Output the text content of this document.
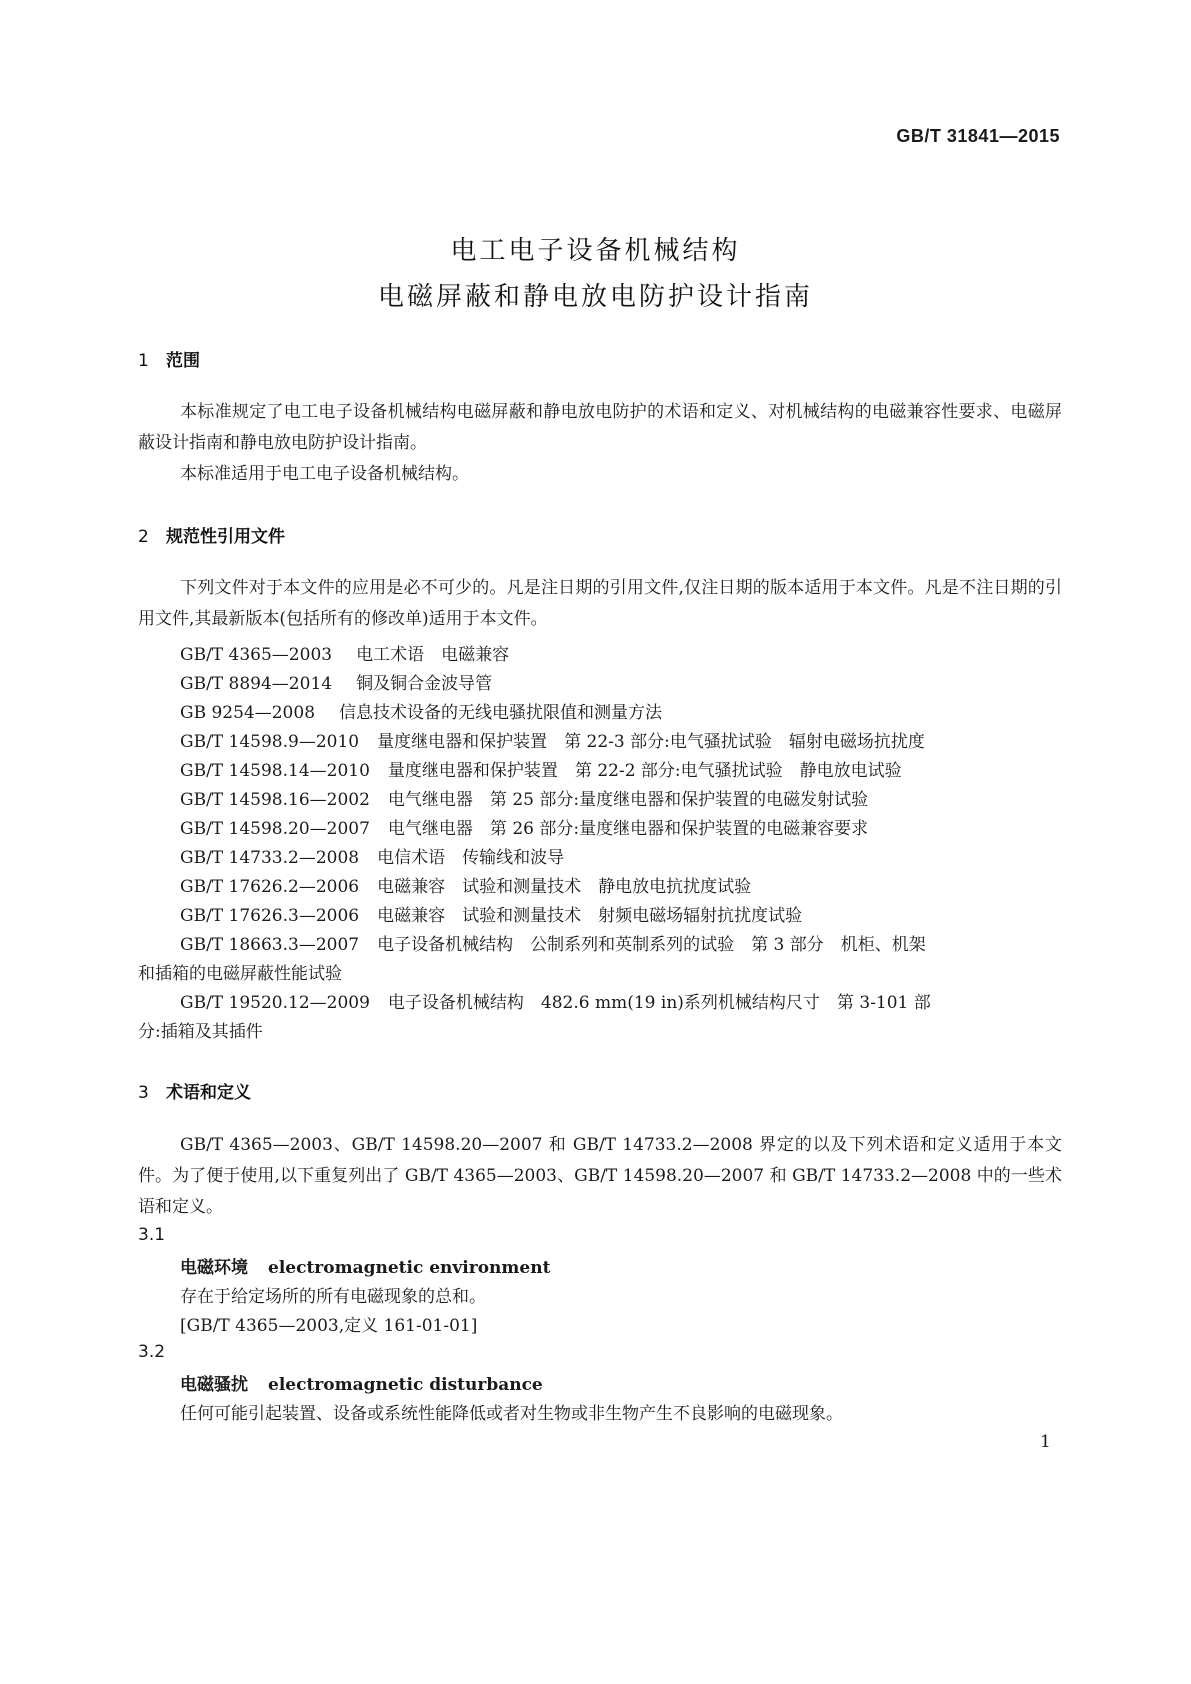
GB/T 31841—2015
电工电子设备机械结构
电磁屏蔽和静电放电防护设计指南
1 范围
本标准规定了电工电子设备机械结构电磁屏蔽和静电放电防护的术语和定义、对机械结构的电磁兼容性要求、电磁屏蔽设计指南和静电放电防护设计指南。
本标准适用于电工电子设备机械结构。
2 规范性引用文件
下列文件对于本文件的应用是必不可少的。凡是注日期的引用文件,仅注日期的版本适用于本文件。凡是不注日期的引用文件,其最新版本(包括所有的修改单)适用于本文件。
GB/T 4365—2003 电工术语　电磁兼容
GB/T 8894—2014 铜及铜合金波导管
GB 9254—2008 信息技术设备的无线电骚扰限值和测量方法
GB/T 14598.9—2010 量度继电器和保护装置　第 22-3 部分:电气骚扰试验　辐射电磁场抗扰度
GB/T 14598.14—2010 量度继电器和保护装置　第 22-2 部分:电气骚扰试验　静电放电试验
GB/T 14598.16—2002 电气继电器　第 25 部分:量度继电器和保护装置的电磁发射试验
GB/T 14598.20—2007 电气继电器　第 26 部分:量度继电器和保护装置的电磁兼容要求
GB/T 14733.2—2008 电信术语　传输线和波导
GB/T 17626.2—2006 电磁兼容　试验和测量技术　静电放电抗扰度试验
GB/T 17626.3—2006 电磁兼容　试验和测量技术　射频电磁场辐射抗扰度试验
GB/T 18663.3—2007 电子设备机械结构　公制系列和英制系列的试验　第 3 部分　机柜、机架
和插箱的电磁屏蔽性能试验
GB/T 19520.12—2009 电子设备机械结构　482.6 mm(19 in)系列机械结构尺寸　第 3-101 部
分:插箱及其插件
3 术语和定义
GB/T 4365—2003、GB/T 14598.20—2007 和 GB/T 14733.2—2008 界定的以及下列术语和定义适用于本文件。为了便于使用,以下重复列出了 GB/T 4365—2003、GB/T 14598.20—2007 和 GB/T 14733.2—2008 中的一些术语和定义。
3.1
电磁环境 electromagnetic environment
存在于给定场所的所有电磁现象的总和。
[GB/T 4365—2003,定义 161-01-01]
3.2
电磁骚扰 electromagnetic disturbance
任何可能引起装置、设备或系统性能降低或者对生物或非生物产生不良影响的电磁现象。
1
